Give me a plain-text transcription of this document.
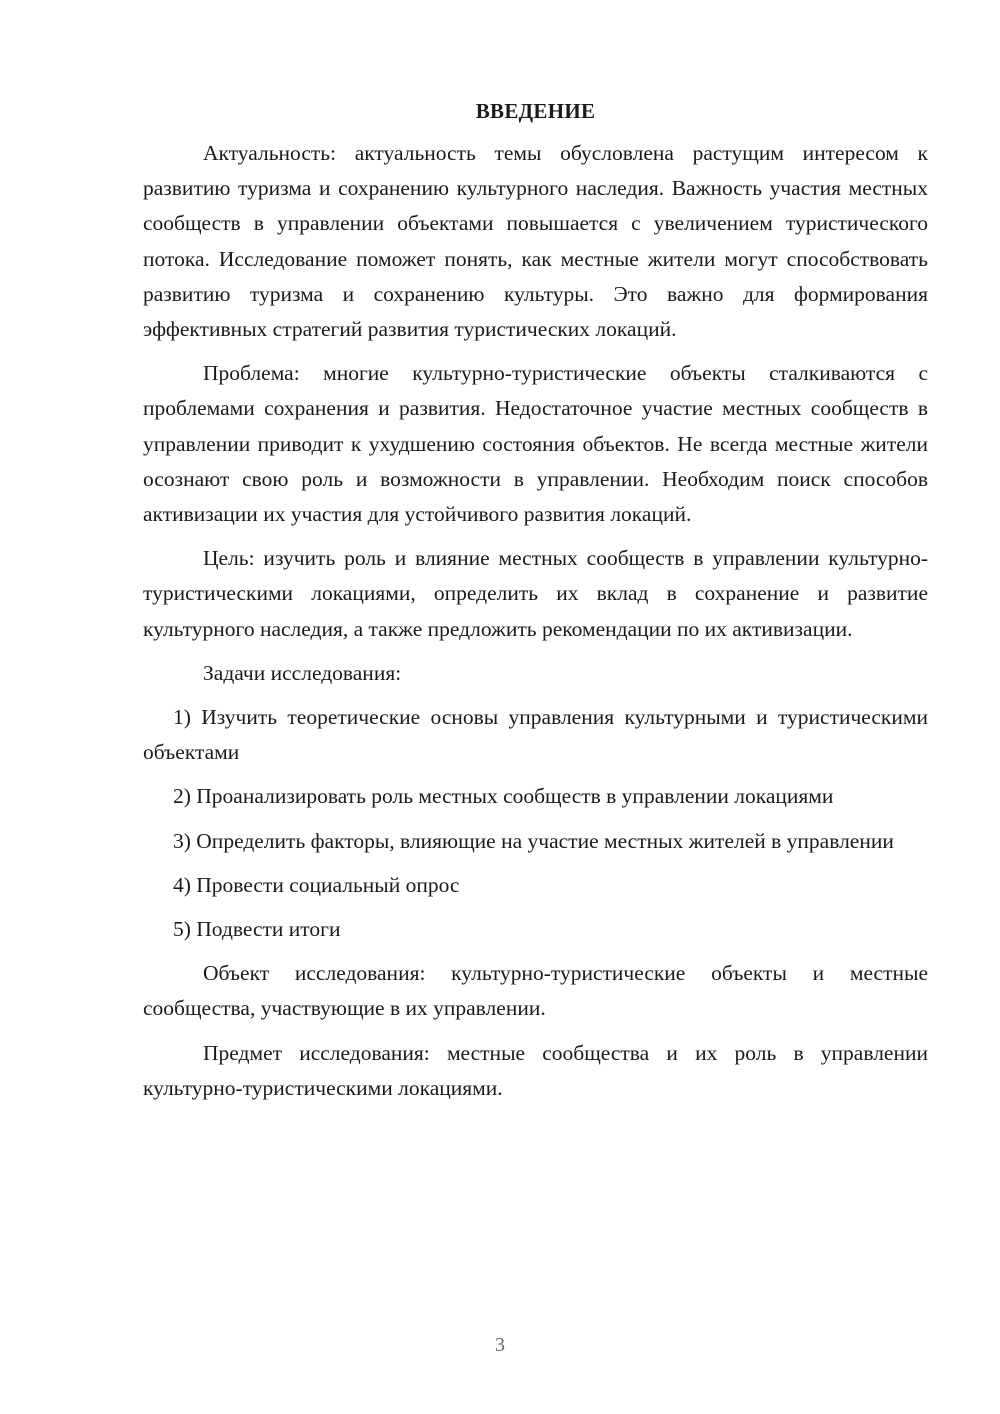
ВВЕДЕНИЕ

Актуальность: актуальность темы обусловлена растущим интересом к развитию туризма и сохранению культурного наследия. Важность участия местных сообществ в управлении объектами повышается с увеличением туристического потока. Исследование поможет понять, как местные жители могут способствовать развитию туризма и сохранению культуры. Это важно для формирования эффективных стратегий развития туристических локаций.

Проблема: многие культурно-туристические объекты сталкиваются с проблемами сохранения и развития. Недостаточное участие местных сообществ в управлении приводит к ухудшению состояния объектов. Не всегда местные жители осознают свою роль и возможности в управлении. Необходим поиск способов активизации их участия для устойчивого развития локаций.

Цель: изучить роль и влияние местных сообществ в управлении культурно-туристическими локациями, определить их вклад в сохранение и развитие культурного наследия, а также предложить рекомендации по их активизации.

Задачи исследования:

1) Изучить теоретические основы управления культурными и туристическими объектами

2) Проанализировать роль местных сообществ в управлении локациями

3) Определить факторы, влияющие на участие местных жителей в управлении

4) Провести социальный опрос

5) Подвести итоги

Объект исследования: культурно-туристические объекты и местные сообщества, участвующие в их управлении.

Предмет исследования: местные сообщества и их роль в управлении культурно-туристическими локациями.

3
